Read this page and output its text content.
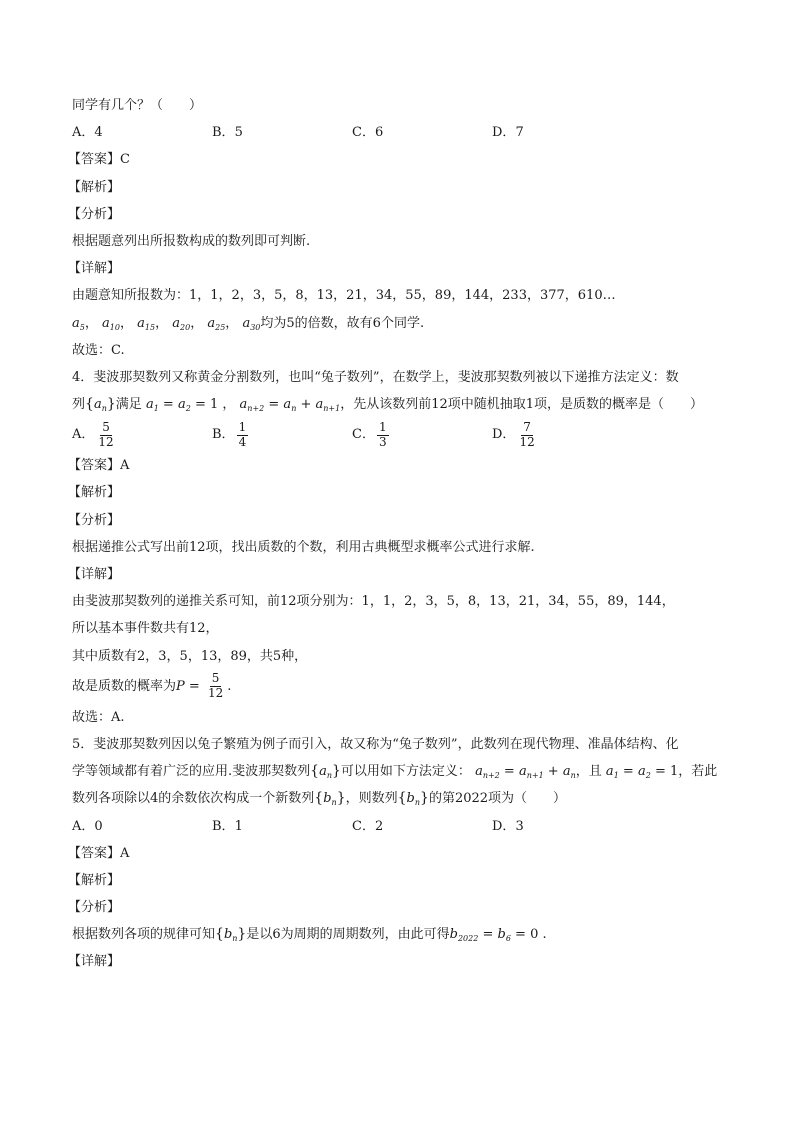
同学有几个？（　　）
A． 4	B． 5	C． 6	D． 7
【答案】C
【解析】
【分析】
根据题意列出所报数构成的数列即可判断.
【详解】
由题意知所报数为：1，1，2，3，5，8，13，21，34，55，89，144，233，377，610…
$a_5$， $a_{10}$， $a_{15}$， $a_{20}$， $a_{25}$， $a_{30}$均为5的倍数，故有6个同学.
故选：C.
4．斐波那契数列又称黄金分割数列，也叫“兔子数列”，在数学上，斐波那契数列被以下递推方法定义：数
列$\{a_n\}$满足 $a_1 = a_2 = 1$ ， $a_{n+2} = a_n + a_{n+1}$，先从该数列前12项中随机抽取1项，是质数的概率是（　　）
A． $\frac{5}{12}$	B． $\frac{1}{4}$	C． $\frac{1}{3}$	D． $\frac{7}{12}$
【答案】A
【解析】
【分析】
根据递推公式写出前12项，找出质数的个数，利用古典概型求概率公式进行求解.
【详解】
由斐波那契数列的递推关系可知，前12项分别为：1，1，2，3，5，8，13，21，34，55，89，144，
所以基本事件数共有12，
其中质数有2，3，5，13，89，共5种，
故是质数的概率为$P = \frac{5}{12}$ .
故选：A.
5．斐波那契数列因以兔子繁殖为例子而引入，故又称为“兔子数列”，此数列在现代物理、准晶体结构、化
学等领域都有着广泛的应用.斐波那契数列$\{a_n\}$可以用如下方法定义： $a_{n+2} = a_{n+1} + a_n$，且 $a_1 = a_2 = 1$，若此
数列各项除以4的余数依次构成一个新数列$\{b_n\}$，则数列$\{b_n\}$的第2022项为（　　）
A． 0	B． 1	C． 2	D． 3
【答案】A
【解析】
【分析】
根据数列各项的规律可知$\{b_n\}$是以6为周期的周期数列，由此可得$b_{2022} = b_6 = 0$ .
【详解】
